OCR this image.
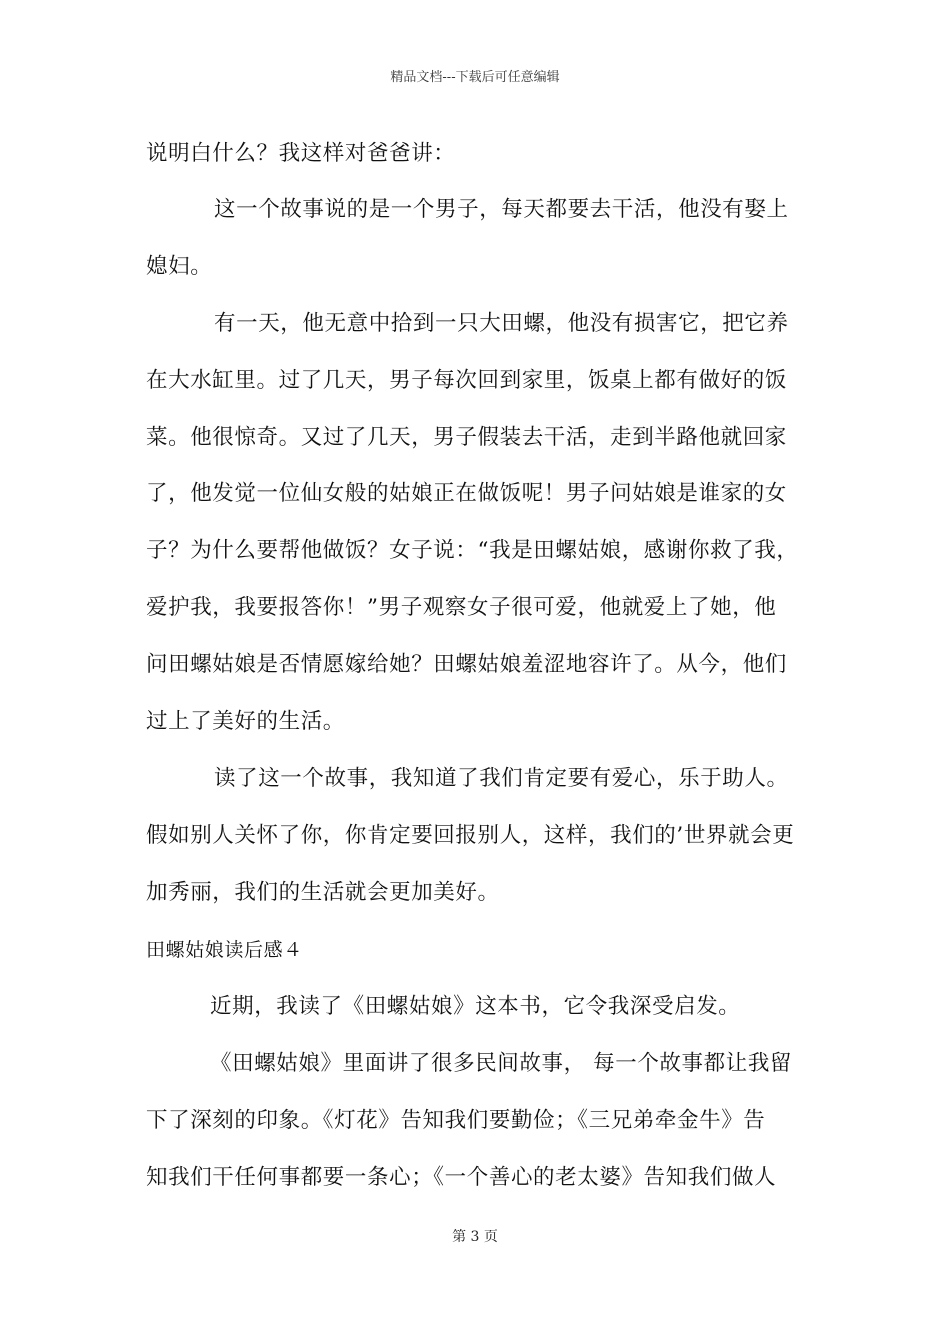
精品文档---下载后可任意编辑
说明白什么？我这样对爸爸讲：
这一个故事说的是一个男子，每天都要去干活，他没有娶上
媳妇。
有一天，他无意中拾到一只大田螺，他没有损害它，把它养
在大水缸里。过了几天，男子每次回到家里，饭桌上都有做好的饭
菜。他很惊奇。又过了几天，男子假装去干活，走到半路他就回家
了，他发觉一位仙女般的姑娘正在做饭呢！男子问姑娘是谁家的女
子？为什么要帮他做饭？女子说：“我是田螺姑娘，感谢你救了我，
爱护我，我要报答你！”男子观察女子很可爱，他就爱上了她，他
问田螺姑娘是否情愿嫁给她？田螺姑娘羞涩地容许了。从今，他们
过上了美好的生活。
读了这一个故事，我知道了我们肯定要有爱心，乐于助人。
假如别人关怀了你，你肯定要回报别人，这样，我们的’世界就会更
加秀丽，我们的生活就会更加美好。
田螺姑娘读后感４
近期，我读了《田螺姑娘》这本书，它令我深受启发。
《田螺姑娘》里面讲了很多民间故事， 每一个故事都让我留
下了深刻的印象。《灯花》告知我们要勤俭；《三兄弟牵金牛》告
知我们干任何事都要一条心；《一个善心的老太婆》告知我们做人
第 3 页
